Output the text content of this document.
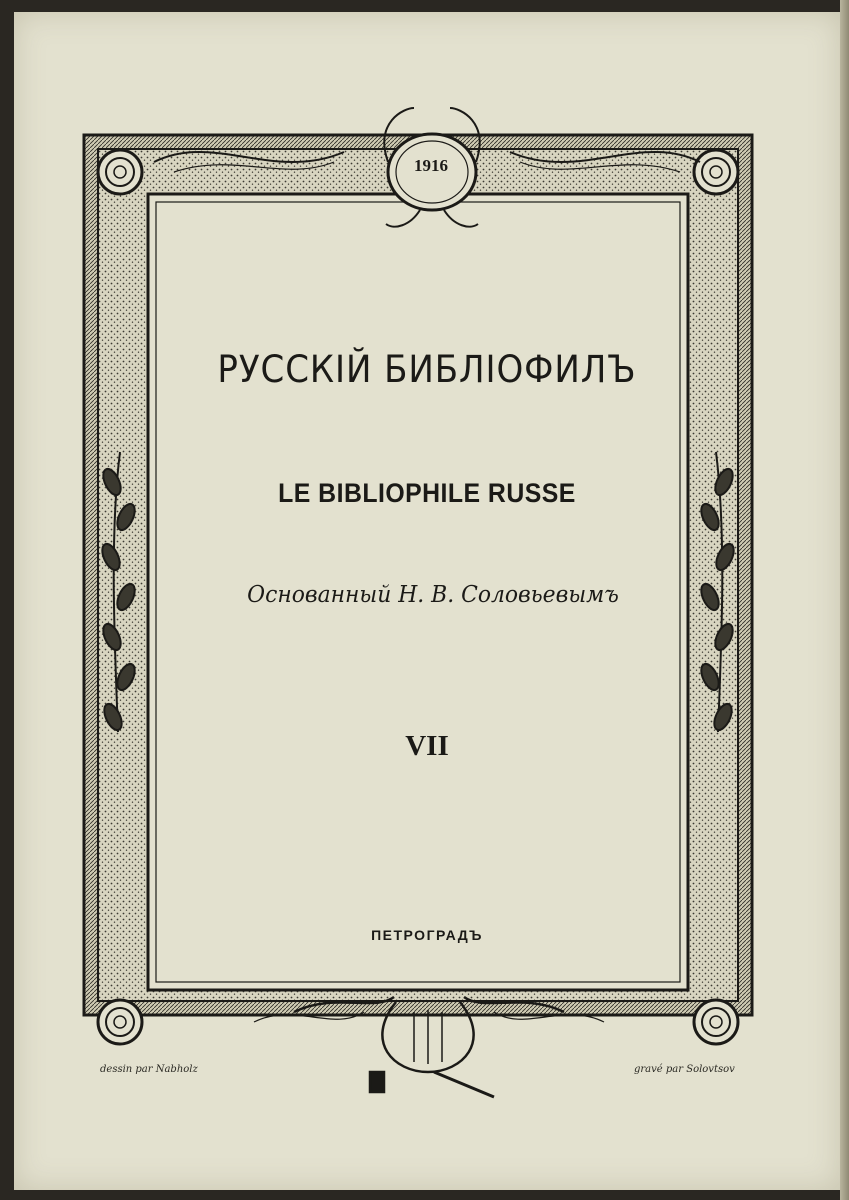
1916
РУССКIЙ БИБЛIОФИЛЪ
LE BIBLIOPHILE RUSSE
Основанный Н. В. Соловьевымъ
VII
ПЕТРОГРАДЪ
dessin par Nabholz	gravé par Solovtsov
